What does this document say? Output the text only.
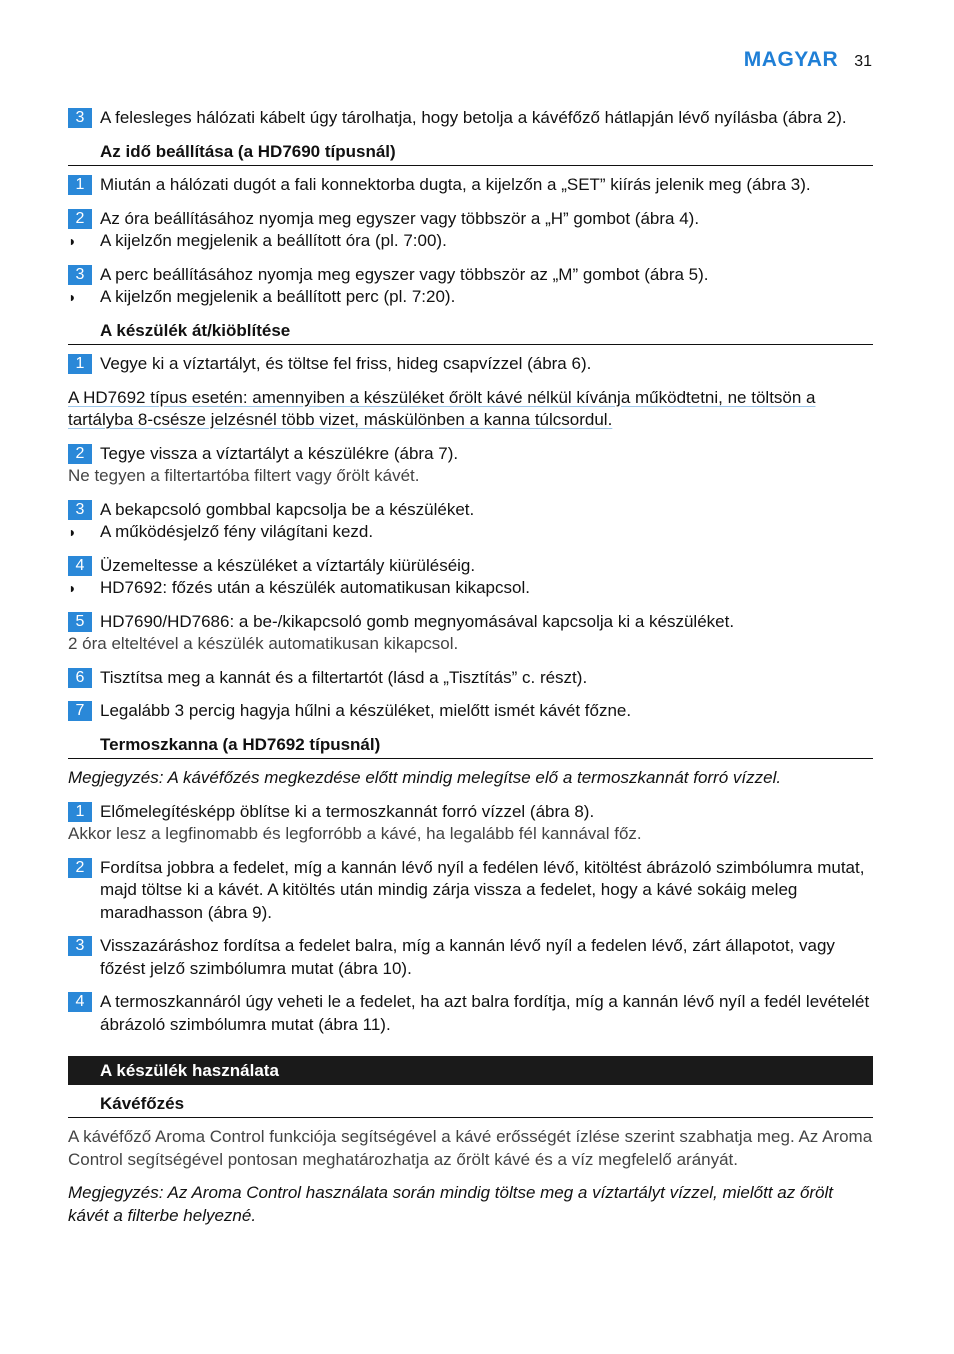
MAGYAR 31
3 A felesleges hálózati kábelt úgy tárolhatja, hogy betolja a kávéfőző hátlapján lévő nyílásba (ábra 2).
Az idő beállítása (a HD7690 típusnál)
1 Miután a hálózati dugót a fali konnektorba dugta, a kijelzőn a „SET” kiírás jelenik meg (ábra 3).
2 Az óra beállításához nyomja meg egyszer vagy többször a „H” gombot (ábra 4).
◗ A kijelzőn megjelenik a beállított óra (pl. 7:00).
3 A perc beállításához nyomja meg egyszer vagy többször az „M” gombot (ábra 5).
◗ A kijelzőn megjelenik a beállított perc (pl. 7:20).
A készülék át/kiöblítése
1 Vegye ki a víztartályt, és töltse fel friss, hideg csapvízzel (ábra 6).
A HD7692 típus esetén: amennyiben a készüléket őrölt kávé nélkül kívánja működtetni, ne töltsön a tartályba 8-csésze jelzésnél több vizet, máskülönben a kanna túlcsordul.
2 Tegye vissza a víztartályt a készülékre (ábra 7).
Ne tegyen a filtertartóba filtert vagy őrölt kávét.
3 A bekapcsoló gombbal kapcsolja be a készüléket.
◗ A működésjelző fény világítani kezd.
4 Üzemeltesse a készüléket a víztartály kiürüléséig.
◗ HD7692: főzés után a készülék automatikusan kikapcsol.
5 HD7690/HD7686: a be-/kikapcsoló gomb megnyomásával kapcsolja ki a készüléket.
2 óra elteltével a készülék automatikusan kikapcsol.
6 Tisztítsa meg a kannát és a filtertartót (lásd a „Tisztítás” c. részt).
7 Legalább 3 percig hagyja hűlni a készüléket, mielőtt ismét kávét főzne.
Termoszkanna (a HD7692 típusnál)
Megjegyzés: A kávéfőzés megkezdése előtt mindig melegítse elő a termoszkannát forró vízzel.
1 Előmelegítésképp öblítse ki a termoszkannát forró vízzel (ábra 8).
Akkor lesz a legfinomabb és legforróbb a kávé, ha legalább fél kannával főz.
2 Fordítsa jobbra a fedelet, míg a kannán lévő nyíl a fedélen lévő, kitöltést ábrázoló szimbólumra mutat, majd töltse ki a kávét. A kitöltés után mindig zárja vissza a fedelet, hogy a kávé sokáig meleg maradhasson (ábra 9).
3 Visszazáráshoz fordítsa a fedelet balra, míg a kannán lévő nyíl a fedelen lévő, zárt állapotot, vagy főzést jelző szimbólumra mutat (ábra 10).
4 A termoszkannáról úgy veheti le a fedelet, ha azt balra fordítja, míg a kannán lévő nyíl a fedél levételét ábrázoló szimbólumra mutat (ábra 11).
A készülék használata
Kávéfőzés
A kávéfőző Aroma Control funkciója segítségével a kávé erősségét ízlése szerint szabhatja meg. Az Aroma Control segítségével pontosan meghatározhatja az őrölt kávé és a víz megfelelő arányát.
Megjegyzés: Az Aroma Control használata során mindig töltse meg a víztartályt vízzel, mielőtt az őrölt kávét a filterbe helyezné.
